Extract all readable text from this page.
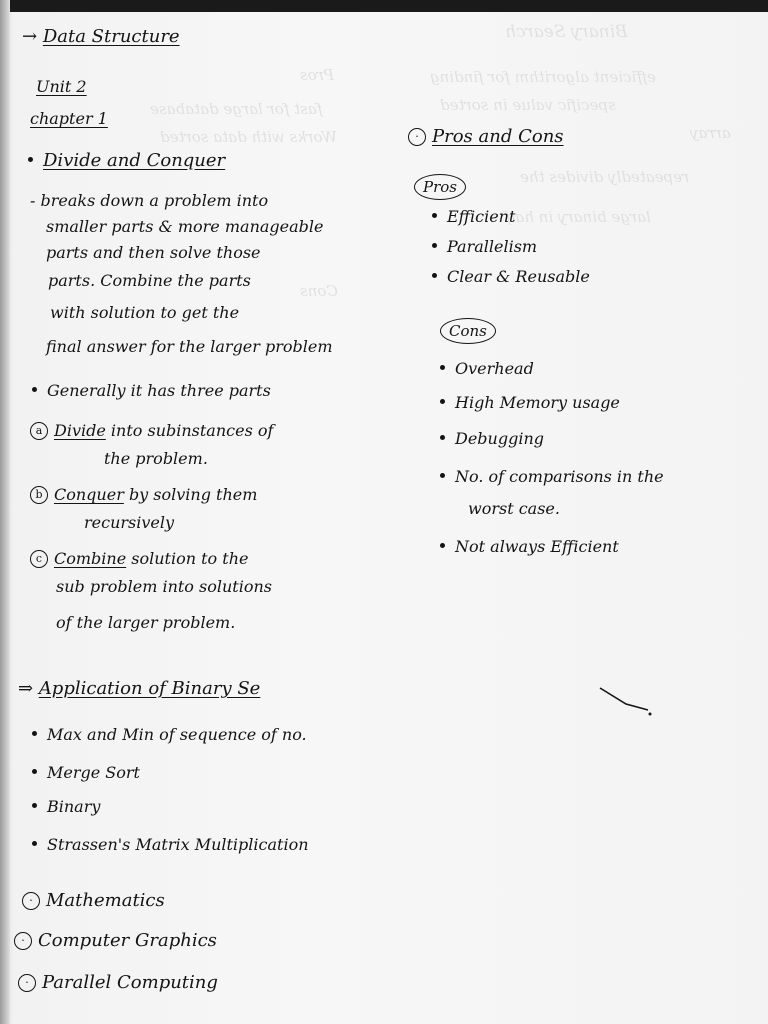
Binary Search
efficient algorithm for finding
specific value in sorted
array
repeatedly divides the
large binary in half
Pros
fast for large database
Works with data sorted
Cons
→ Data Structure
Unit 2
chapter 1
Divide and Conquer
- breaks down a problem into
smaller parts & more manageable
parts and then solve those
parts. Combine the parts
with solution to get the
final answer for the larger problem
Generally it has three parts
a Divide into subinstances of
the problem.
b Conquer by solving them
recursively
c Combine solution to the
sub problem into solutions
of the larger problem.
⇒ Application of Binary Se
Max and Min of sequence of no.
Merge Sort
Binary
Strassen's Matrix Multiplication
· Mathematics
· Computer Graphics
· Parallel Computing
· Pros and Cons
Pros
Efficient
Parallelism
Clear & Reusable
Cons
Overhead
High Memory usage
Debugging
No. of comparisons in the
worst case.
Not always Efficient
